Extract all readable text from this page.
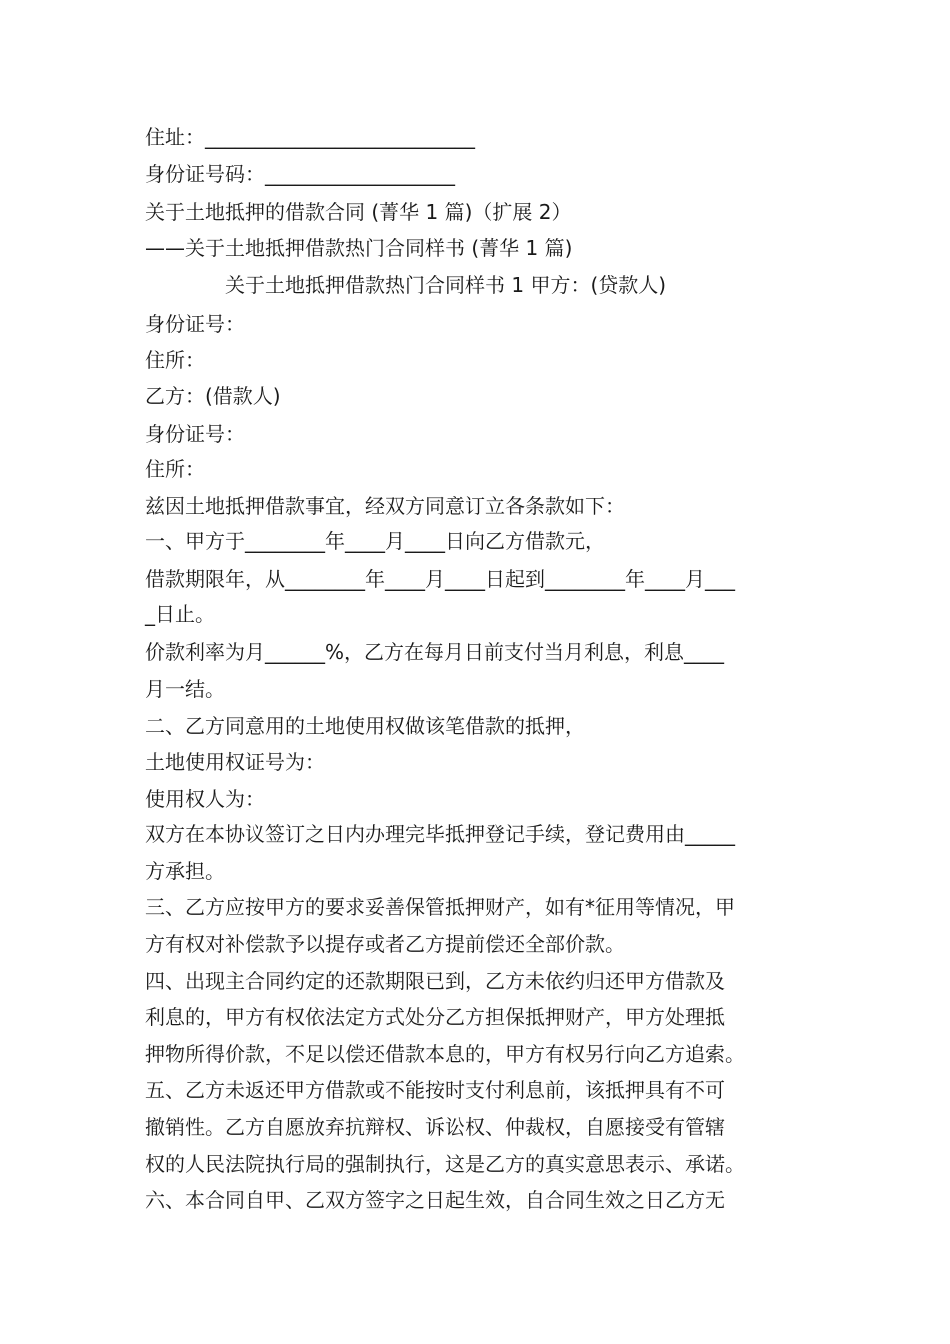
住址：___________________________
身份证号码：___________________
关于土地抵押的借款合同 (菁华 1 篇)（扩展 2）
——关于土地抵押借款热门合同样书 (菁华 1 篇)
关于土地抵押借款热门合同样书 1 甲方：(贷款人)
身份证号：
住所：
乙方：(借款人)
身份证号：
住所：
兹因土地抵押借款事宜，经双方同意订立各条款如下：
一、甲方于________年____月____日向乙方借款元，
借款期限年，从________年____月____日起到________年____月___
_日止。
价款利率为月______%，乙方在每月日前支付当月利息，利息____
月一结。
二、乙方同意用的土地使用权做该笔借款的抵押，
土地使用权证号为：
使用权人为：
双方在本协议签订之日内办理完毕抵押登记手续，登记费用由_____
方承担。
三、乙方应按甲方的要求妥善保管抵押财产，如有*征用等情况，甲
方有权对补偿款予以提存或者乙方提前偿还全部价款。
四、出现主合同约定的还款期限已到，乙方未依约归还甲方借款及
利息的，甲方有权依法定方式处分乙方担保抵押财产，甲方处理抵
押物所得价款，不足以偿还借款本息的，甲方有权另行向乙方追索。
五、乙方未返还甲方借款或不能按时支付利息前，该抵押具有不可
撤销性。乙方自愿放弃抗辩权、诉讼权、仲裁权，自愿接受有管辖
权的人民法院执行局的强制执行，这是乙方的真实意思表示、承诺。
六、本合同自甲、乙双方签字之日起生效，自合同生效之日乙方无
